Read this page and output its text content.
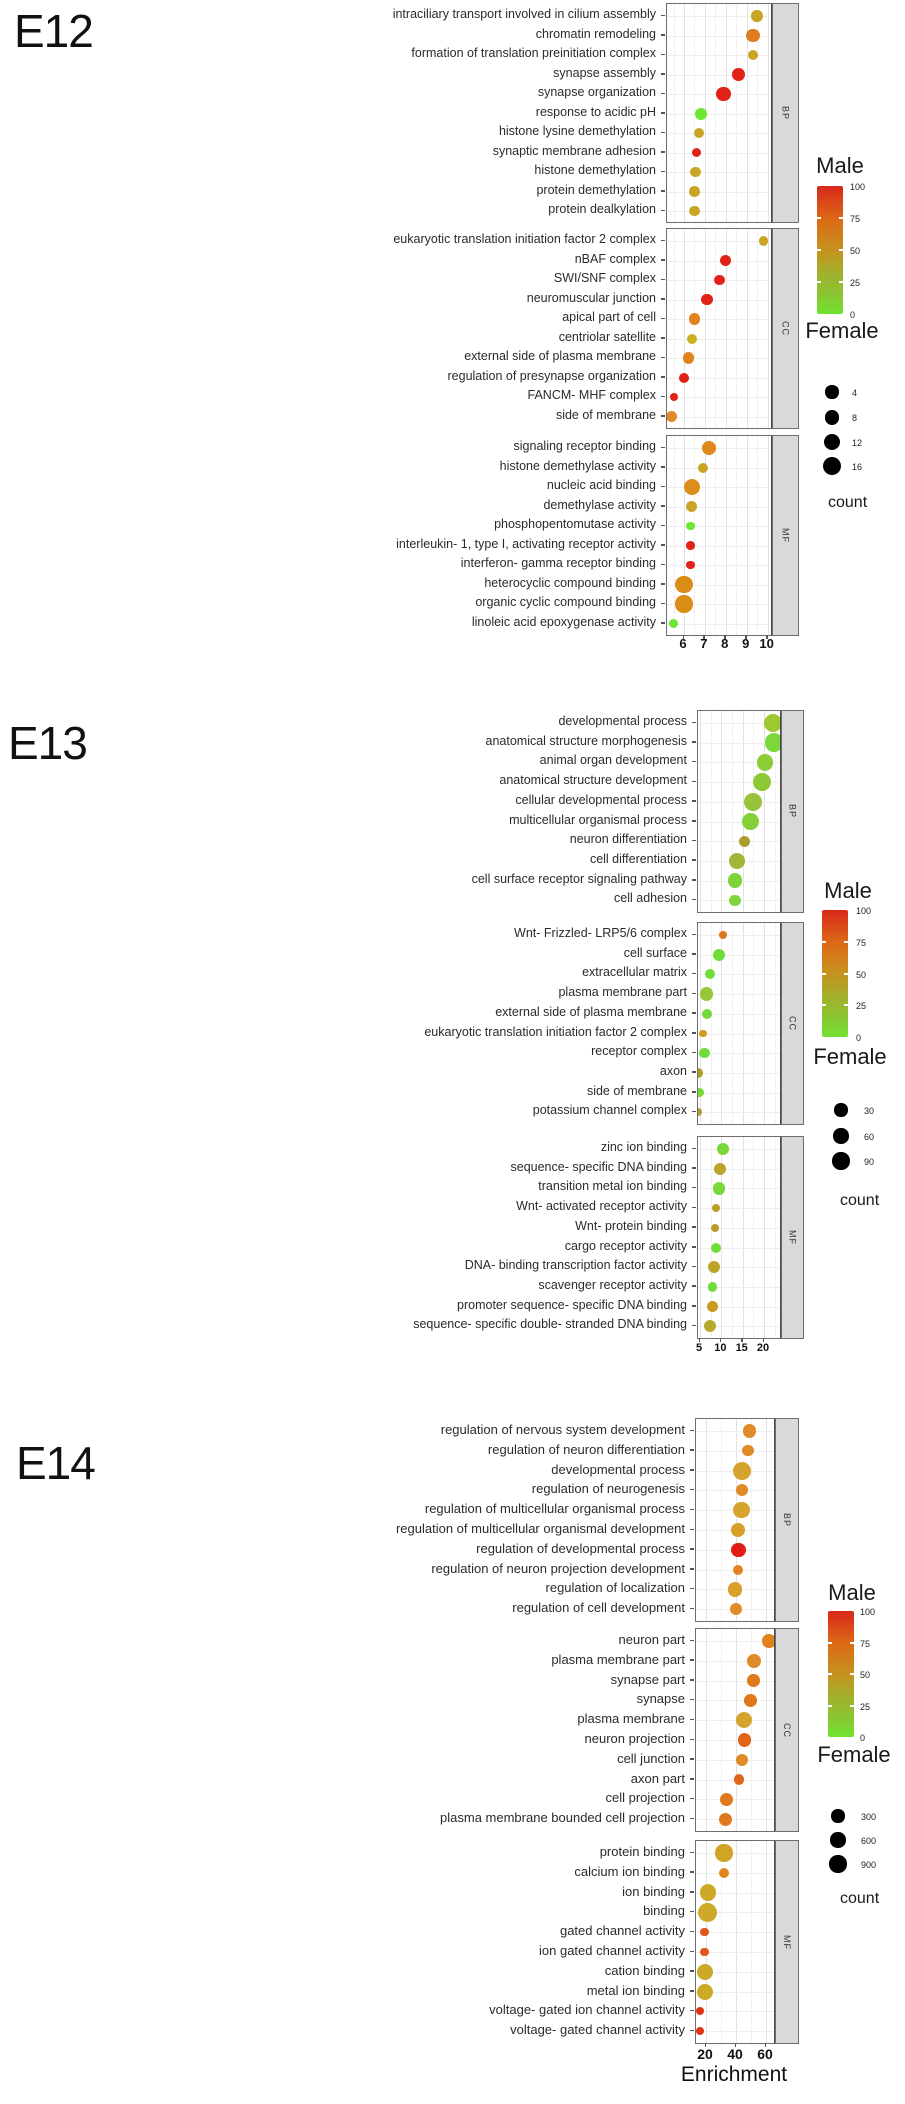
E12
BP
intraciliary transport involved in cilium assembly
chromatin remodeling
formation of translation preinitiation complex
synapse assembly
synapse organization
response to acidic pH
histone lysine demethylation
synaptic membrane adhesion
histone demethylation
protein demethylation
protein dealkylation
CC
eukaryotic translation initiation factor 2 complex
nBAF complex
SWI/SNF complex
neuromuscular junction
apical part of cell
centriolar satellite
external side of plasma membrane
regulation of presynapse organization
FANCM- MHF complex
side of membrane
MF
signaling receptor binding
histone demethylase activity
nucleic acid binding
demethylase activity
phosphopentomutase activity
interleukin- 1, type I, activating receptor activity
interferon- gamma receptor binding
heterocyclic compound binding
organic cyclic compound binding
linoleic acid epoxygenase activity
6	7	8	9 10
Male
100
75
50
25
0
Female
4
8
12
16
count
E13
BP
developmental process
anatomical structure morphogenesis
animal organ development
anatomical structure development
cellular developmental process
multicellular organismal process
neuron differentiation
cell differentiation
cell surface receptor signaling pathway
cell adhesion
CC
Wnt- Frizzled- LRP5/6 complex
cell surface
extracellular matrix
plasma membrane part
external side of plasma membrane
eukaryotic translation initiation factor 2 complex
receptor complex
axon
side of membrane
potassium channel complex
MF
zinc ion binding
sequence- specific DNA binding
transition metal ion binding
Wnt- activated receptor activity
Wnt- protein binding
cargo receptor activity
DNA- binding transcription factor activity
scavenger receptor activity
promoter sequence- specific DNA binding
sequence- specific double- stranded DNA binding
5	10 15 20
Male
100
75
50
25
0
Female
30
60
90
count
E14
BP
regulation of nervous system development
regulation of neuron differentiation
developmental process
regulation of neurogenesis
regulation of multicellular organismal process
regulation of multicellular organismal development
regulation of developmental process
regulation of neuron projection development
regulation of localization
regulation of cell development
CC
neuron part
plasma membrane part
synapse part
synapse
plasma membrane
neuron projection
cell junction
axon part
cell projection
plasma membrane bounded cell projection
MF
protein binding
calcium ion binding
ion binding
binding
gated channel activity
ion gated channel activity
cation binding
metal ion binding
voltage- gated ion channel activity
voltage- gated channel activity
20	40	60
Enrichment
Male
100
75
50
25
0
Female
300
600
900
count
